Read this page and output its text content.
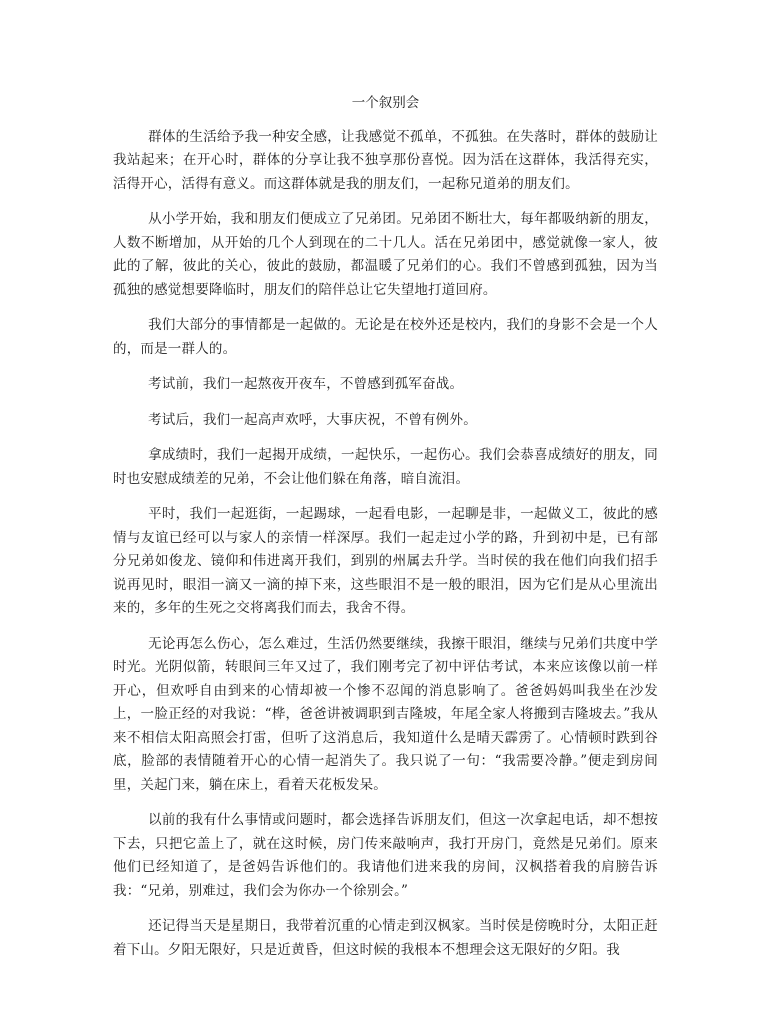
一个叙别会

群体的生活给予我一种安全感，让我感觉不孤单，不孤独。在失落时，群体的鼓励让我站起来；在开心时，群体的分享让我不独享那份喜悦。因为活在这群体，我活得充实，活得开心，活得有意义。而这群体就是我的朋友们，一起称兄道弟的朋友们。

从小学开始，我和朋友们便成立了兄弟团。兄弟团不断壮大，每年都吸纳新的朋友，人数不断增加，从开始的几个人到现在的二十几人。活在兄弟团中，感觉就像一家人，彼此的了解，彼此的关心，彼此的鼓励，都温暖了兄弟们的心。我们不曾感到孤独，因为当孤独的感觉想要降临时，朋友们的陪伴总让它失望地打道回府。

我们大部分的事情都是一起做的。无论是在校外还是校内，我们的身影不会是一个人的，而是一群人的。

考试前，我们一起熬夜开夜车，不曾感到孤军奋战。

考试后，我们一起高声欢呼，大事庆祝，不曾有例外。

拿成绩时，我们一起揭开成绩，一起快乐，一起伤心。我们会恭喜成绩好的朋友，同时也安慰成绩差的兄弟，不会让他们躲在角落，暗自流泪。

平时，我们一起逛街，一起踢球，一起看电影，一起聊是非，一起做义工，彼此的感情与友谊已经可以与家人的亲情一样深厚。我们一起走过小学的路，升到初中是，已有部分兄弟如俊龙、镜仰和伟进离开我们，到别的州属去升学。当时侯的我在他们向我们招手说再见时，眼泪一滴又一滴的掉下来，这些眼泪不是一般的眼泪，因为它们是从心里流出来的，多年的生死之交将离我们而去，我舍不得。

无论再怎么伤心，怎么难过，生活仍然要继续，我擦干眼泪，继续与兄弟们共度中学时光。光阴似箭，转眼间三年又过了，我们刚考完了初中评估考试，本来应该像以前一样开心，但欢呼自由到来的心情却被一个惨不忍闻的消息影响了。爸爸妈妈叫我坐在沙发上，一脸正经的对我说：“桦，爸爸讲被调职到吉隆坡，年尾全家人将搬到吉隆坡去。”我从来不相信太阳高照会打雷，但听了这消息后，我知道什么是晴天霹雳了。心情顿时跌到谷底，脸部的表情随着开心的心情一起消失了。我只说了一句：“我需要冷静。”便走到房间里，关起门来，躺在床上，看着天花板发呆。

以前的我有什么事情或问题时，都会选择告诉朋友们，但这一次拿起电话，却不想按下去，只把它盖上了，就在这时候，房门传来敲响声，我打开房门，竟然是兄弟们。原来他们已经知道了，是爸妈告诉他们的。我请他们进来我的房间，汉枫搭着我的肩膀告诉我：“兄弟，别难过，我们会为你办一个徐别会。”

还记得当天是星期日，我带着沉重的心情走到汉枫家。当时侯是傍晚时分，太阳正赶着下山。夕阳无限好，只是近黄昏，但这时候的我根本不想理会这无限好的夕阳。我
